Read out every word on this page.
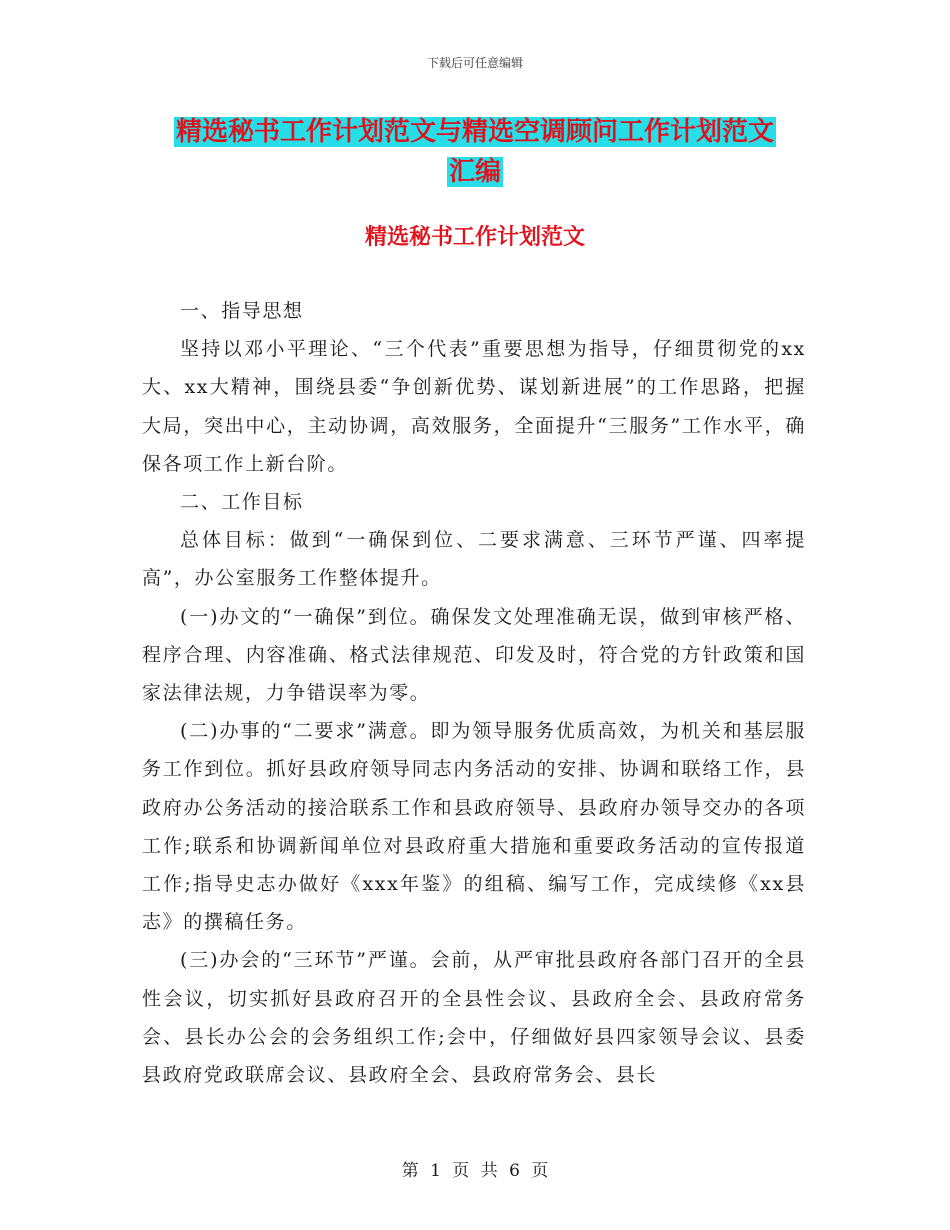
下载后可任意编辑
精选秘书工作计划范文与精选空调顾问工作计划范文
汇编
精选秘书工作计划范文

一、指导思想

坚持以邓小平理论、“三个代表”重要思想为指导，仔细贯彻党的xx大、xx大精神，围绕县委“争创新优势、谋划新进展”的工作思路，把握大局，突出中心，主动协调，高效服务，全面提升“三服务”工作水平，确保各项工作上新台阶。

二、工作目标

总体目标：做到“一确保到位、二要求满意、三环节严谨、四率提高”，办公室服务工作整体提升。

(一)办文的“一确保”到位。确保发文处理准确无误，做到审核严格、程序合理、内容准确、格式法律规范、印发及时，符合党的方针政策和国家法律法规，力争错误率为零。

(二)办事的“二要求”满意。即为领导服务优质高效，为机关和基层服务工作到位。抓好县政府领导同志内务活动的安排、协调和联络工作，县政府办公务活动的接洽联系工作和县政府领导、县政府办领导交办的各项工作;联系和协调新闻单位对县政府重大措施和重要政务活动的宣传报道工作;指导史志办做好《xxx年鉴》的组稿、编写工作，完成续修《xx县志》的撰稿任务。

(三)办会的“三环节”严谨。会前，从严审批县政府各部门召开的全县性会议，切实抓好县政府召开的全县性会议、县政府全会、县政府常务会、县长办公会的会务组织工作;会中，仔细做好县四家领导会议、县委县政府党政联席会议、县政府全会、县政府常务会、县长

第 1 页 共 6 页
